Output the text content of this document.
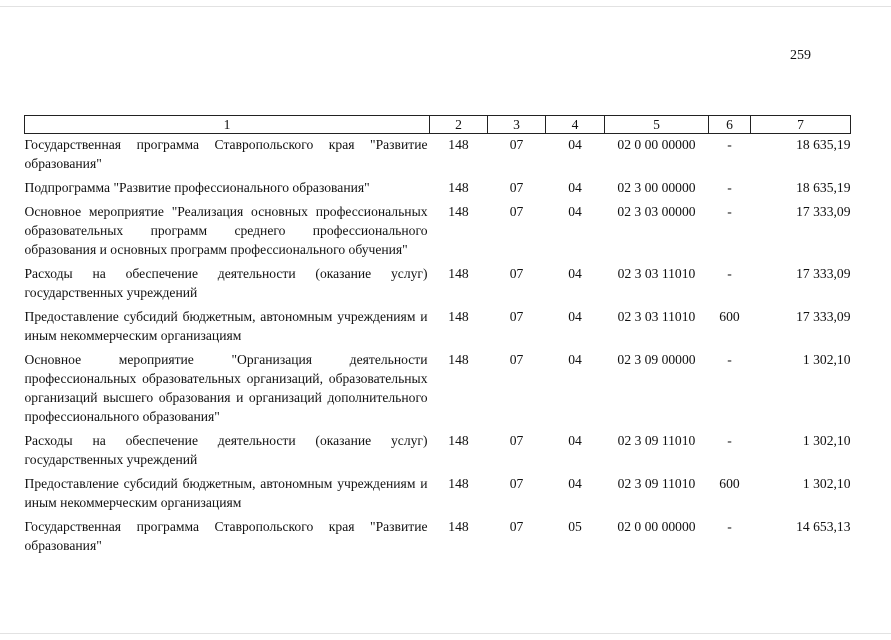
259
1	2	3	4	5	6	7
Государственная программа Ставропольского края "Развитие образования"	148	07	04	02 0 00 00000	-	18 635,19
Подпрограмма "Развитие профессионального образования"	148	07	04	02 3 00 00000	-	18 635,19
Основное мероприятие "Реализация основных профессиональных образовательных программ среднего профессионального образования и основных программ профессионального обучения"	148	07	04	02 3 03 00000	-	17 333,09
Расходы на обеспечение деятельности (оказание услуг) государственных учреждений	148	07	04	02 3 03 11010	-	17 333,09
Предоставление субсидий бюджетным, автономным учреждениям и иным некоммерческим организациям	148	07	04	02 3 03 11010	600	17 333,09
Основное мероприятие "Организация деятельности профессиональных образовательных организаций, образовательных организаций высшего образования и организаций дополнительного профессионального образования"	148	07	04	02 3 09 00000	-	1 302,10
Расходы на обеспечение деятельности (оказание услуг) государственных учреждений	148	07	04	02 3 09 11010	-	1 302,10
Предоставление субсидий бюджетным, автономным учреждениям и иным некоммерческим организациям	148	07	04	02 3 09 11010	600	1 302,10
Государственная программа Ставропольского края "Развитие образования"	148	07	05	02 0 00 00000	-	14 653,13
